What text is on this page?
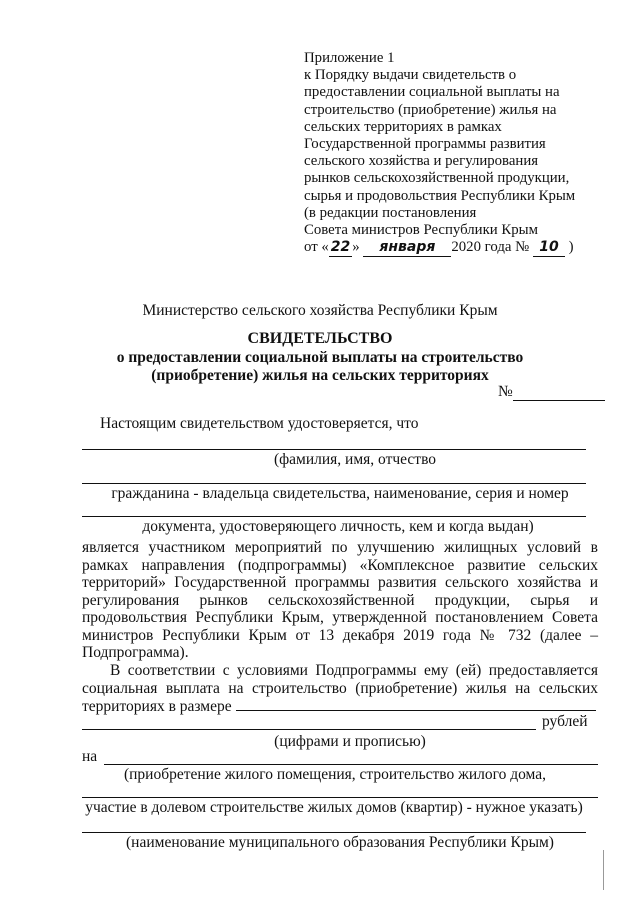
Приложение 1
к Порядку выдачи свидетельств о
предоставлении социальной выплаты на
строительство (приобретение) жилья на
сельских территориях в рамках
Государственной программы развития
сельского хозяйства и регулирования
рынков сельскохозяйственной продукции,
сырья и продовольствия Республики Крым
(в редакции постановления
Совета министров Республики Крым
от « 22 » января 2020 года № 10 )
Министерство сельского хозяйства Республики Крым
СВИДЕТЕЛЬСТВО
о предоставлении социальной выплаты на строительство
(приобретение) жилья на сельских территориях
№
Настоящим свидетельством удостоверяется, что
(фамилия, имя, отчество
гражданина - владельца свидетельства, наименование, серия и номер
документа, удостоверяющего личность, кем и когда выдан)
является участником мероприятий по улучшению жилищных условий в
рамках направления (подпрограммы) «Комплексное развитие сельских
территорий» Государственной программы развития сельского хозяйства и
регулирования рынков сельскохозяйственной продукции, сырья и
продовольствия Республики Крым, утвержденной постановлением Совета
министров Республики Крым от 13 декабря 2019 года № 732 (далее –
Подпрограмма).
В соответствии с условиями Подпрограммы ему (ей) предоставляется
социальная выплата на строительство (приобретение) жилья на сельских
территориях в размере
рублей
(цифрами и прописью)
на
(приобретение жилого помещения, строительство жилого дома,
участие в долевом строительстве жилых домов (квартир) - нужное указать)
(наименование муниципального образования Республики Крым)
